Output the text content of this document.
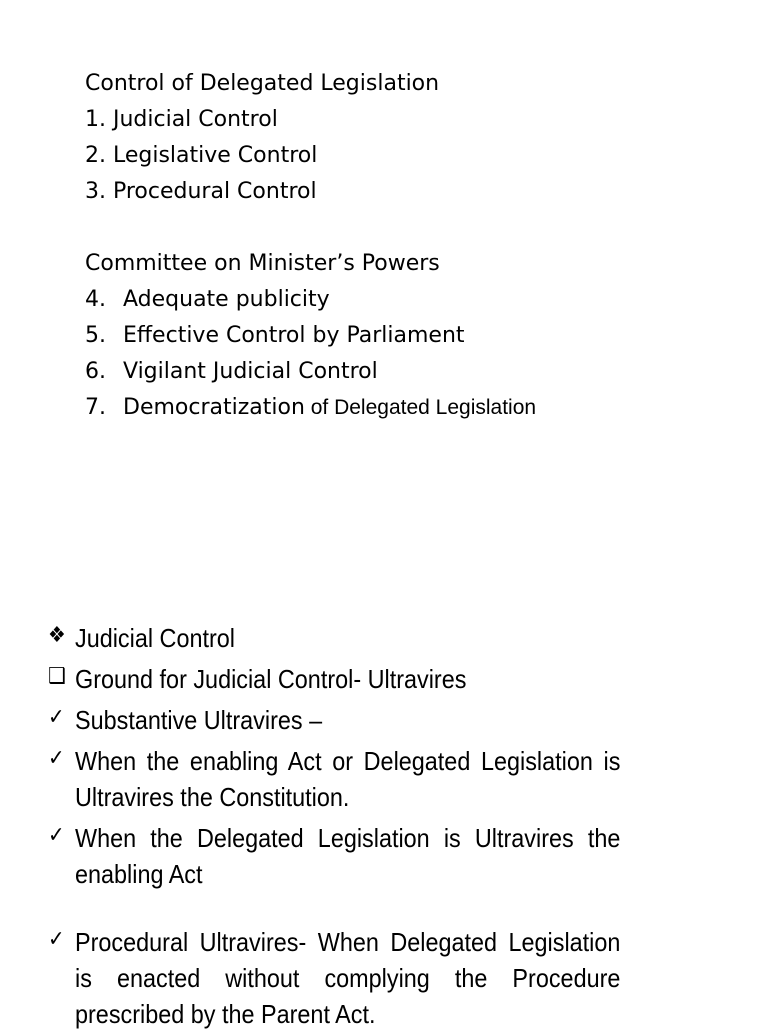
Control of Delegated Legislation
1. Judicial Control
2. Legislative Control
3. Procedural Control
Committee on Minister’s Powers
4. Adequate publicity
5. Effective Control by Parliament
6. Vigilant Judicial Control
7. Democratization of Delegated Legislation
❖ Judicial Control
❑ Ground for Judicial Control- Ultravires
✓ Substantive Ultravires –
✓ When the enabling Act or Delegated Legislation is Ultravires the Constitution.
✓ When the Delegated Legislation is Ultravires the enabling Act
✓ Procedural Ultravires- When Delegated Legislation is enacted without complying the Procedure prescribed by the Parent Act.
